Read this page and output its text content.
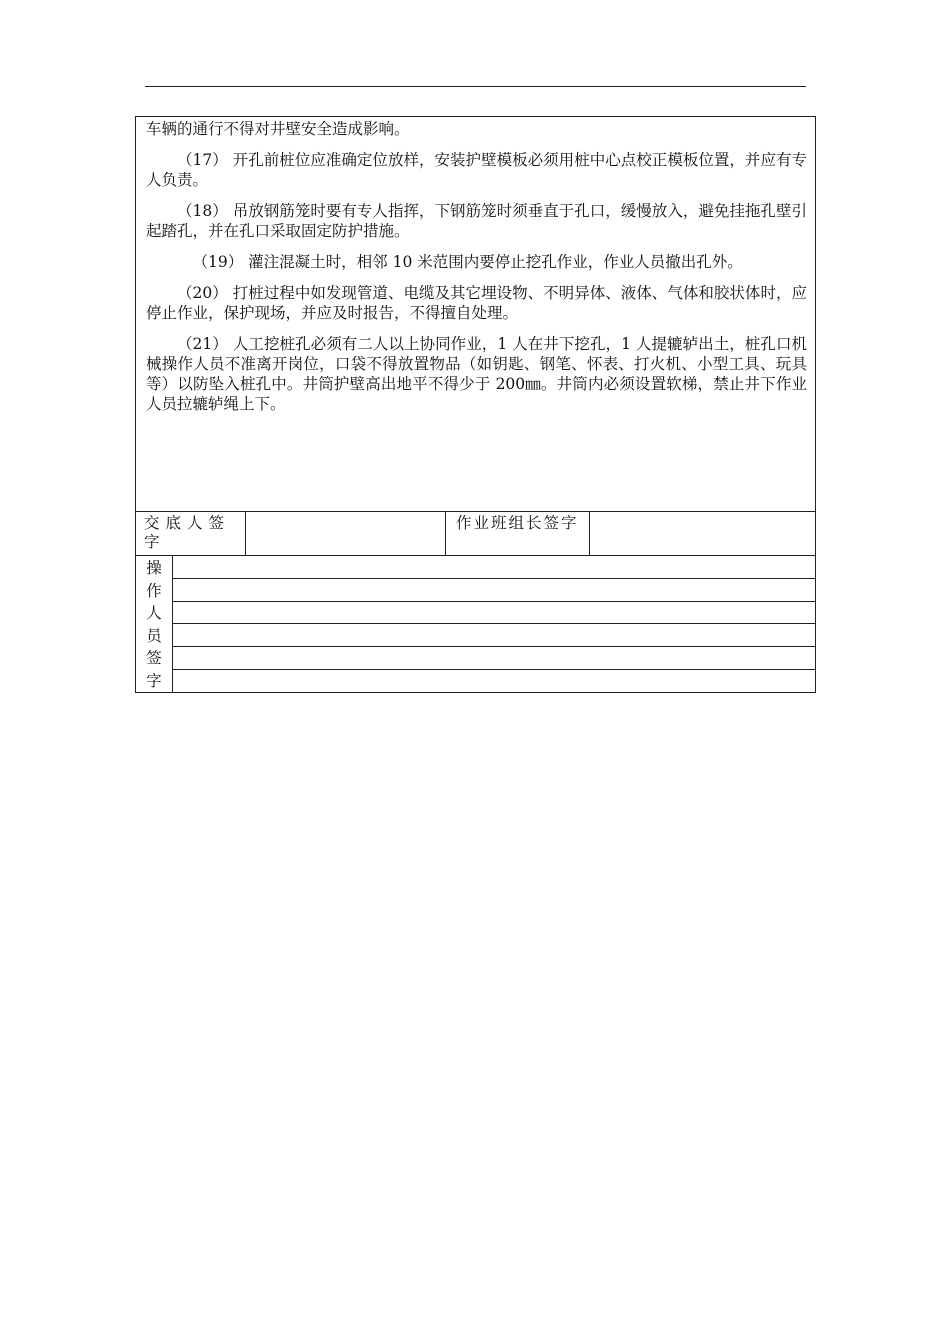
车辆的通行不得对井壁安全造成影响。

（17） 开孔前桩位应准确定位放样，安装护壁模板必须用桩中心点校正模板位置，并应有专人负责。

（18） 吊放钢筋笼时要有专人指挥，下钢筋笼时须垂直于孔口，缓慢放入，避免挂拖孔壁引起踏孔，并在孔口采取固定防护措施。

（19） 灌注混凝土时，相邻 10 米范围内要停止挖孔作业，作业人员撤出孔外。

（20） 打桩过程中如发现管道、电缆及其它埋设物、不明异体、液体、气体和胶状体时，应停止作业，保护现场，并应及时报告，不得擅自处理。

（21） 人工挖桩孔必须有二人以上协同作业，1 人在井下挖孔，1 人提辘轳出土，桩孔口机械操作人员不准离开岗位，口袋不得放置物品（如钥匙、钢笔、怀表、打火机、小型工具、玩具等）以防坠入桩孔中。井筒护壁高出地平不得少于 200㎜。井筒内必须设置软梯，禁止井下作业人员拉辘轳绳上下。

交底人签字
作业班组长签字
操
作
人
员
签
字
